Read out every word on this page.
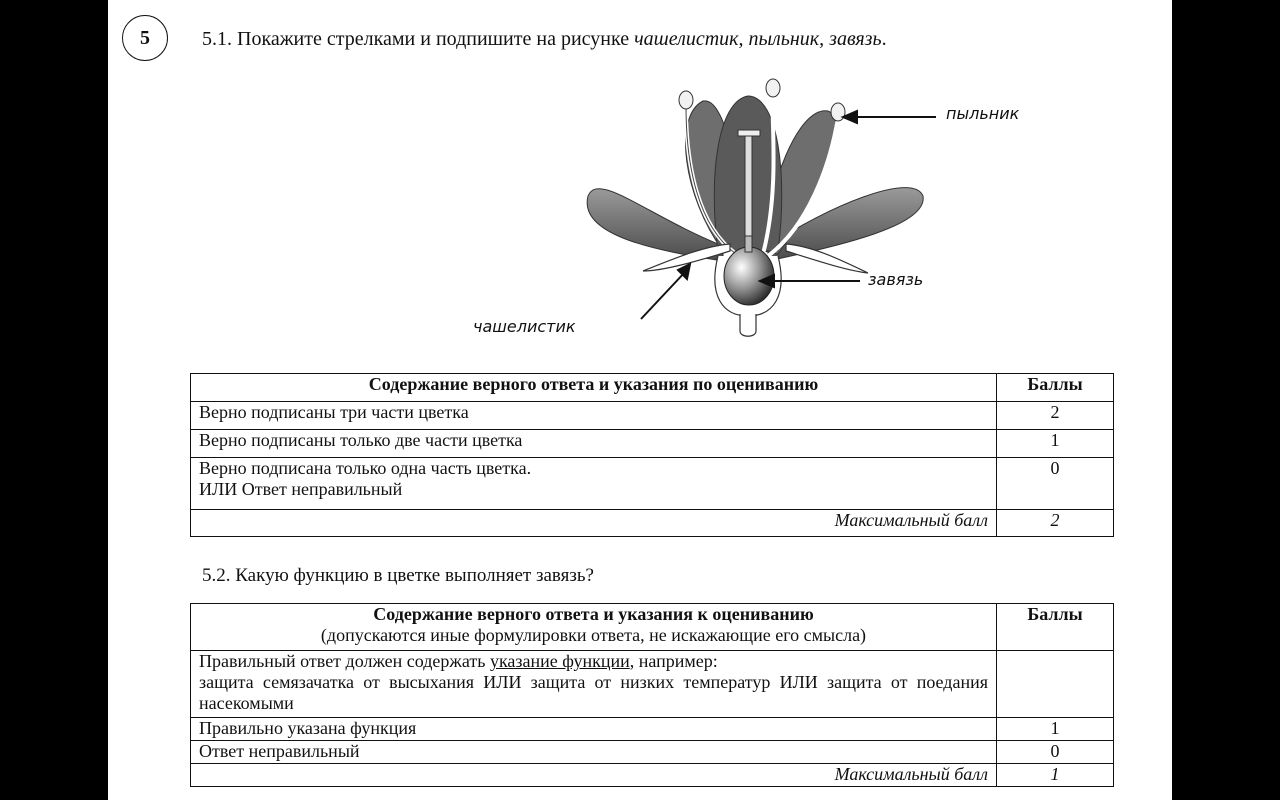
5	5.1. Покажите стрелками и подпишите на рисунке чашелистик, пыльник, завязь.
пыльник
завязь
чашелистик
Содержание верного ответа и указания по оцениванию	Баллы
Верно подписаны три части цветка	2
Верно подписаны только две части цветка	1

Верно подписана только одна часть цветка.
ИЛИ Ответ неправильный	0
Максимальный балл	2
5.2. Какую функцию в цветке выполняет завязь?
Содержание верного ответа и указания к оцениванию
(допускаются иные формулировки ответа, не искажающие его смысла)	Баллы

Правильный ответ должен содержать указание функции, например:
защита семязачатка от высыхания ИЛИ защита от низких температур ИЛИ защита от поедания насекомыми	

Правильно указана функция	1
Ответ неправильный	0
Максимальный балл	1
